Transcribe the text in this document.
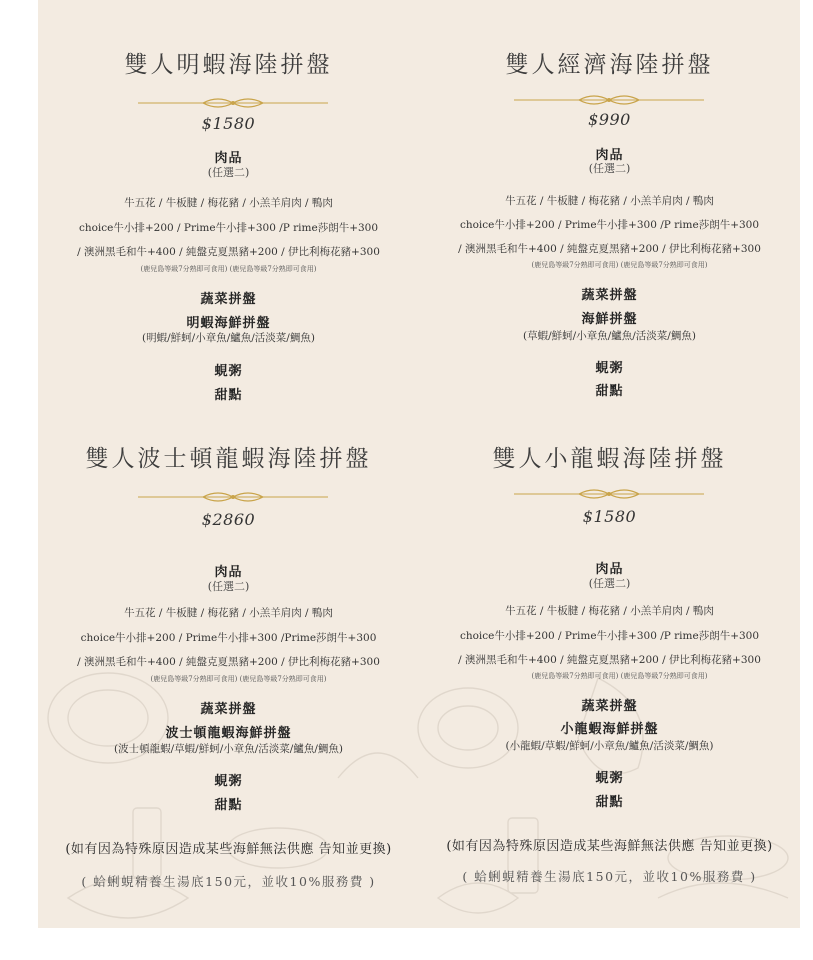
雙人明蝦海陸拼盤
$1580
肉品
(任選二)
牛五花 / 牛板腱 / 梅花豬 / 小羔羊肩肉 / 鴨肉
choice牛小排+200 / Prime牛小排+300 /P rime莎朗牛+300
/ 澳洲黑毛和牛+400 / 純盤克夏黑豬+200 / 伊比利梅花豬+300
(鹿兒島等級7分熟即可食用) (鹿兒島等級7分熟即可食用)
蔬菜拼盤
明蝦海鮮拼盤
(明蝦/鮮蚵/小章魚/鱸魚/活淡菜/鯛魚)
蜆粥
甜點
雙人經濟海陸拼盤
$990
肉品
(任選二)
牛五花 / 牛板腱 / 梅花豬 / 小羔羊肩肉 / 鴨肉
choice牛小排+200 / Prime牛小排+300 /P rime莎朗牛+300
/ 澳洲黑毛和牛+400 / 純盤克夏黑豬+200 / 伊比利梅花豬+300
(鹿兒島等級7分熟即可食用) (鹿兒島等級7分熟即可食用)
蔬菜拼盤
海鮮拼盤
(草蝦/鮮蚵/小章魚/鱸魚/活淡菜/鯛魚)
蜆粥
甜點
雙人波士頓龍蝦海陸拼盤
$2860
肉品
(任選二)
牛五花 / 牛板腱 / 梅花豬 / 小羔羊肩肉 / 鴨肉
choice牛小排+200 / Prime牛小排+300 /Prime莎朗牛+300
/ 澳洲黑毛和牛+400 / 純盤克夏黑豬+200 / 伊比利梅花豬+300
(鹿兒島等級7分熟即可食用) (鹿兒島等級7分熟即可食用)
蔬菜拼盤
波士頓龍蝦海鮮拼盤
(波士頓龍蝦/草蝦/鮮蚵/小章魚/活淡菜/鱸魚/鯛魚)
蜆粥
甜點
(如有因為特殊原因造成某些海鮮無法供應 告知並更換)
( 蛤蜊蜆精養生湯底150元，並收10%服務費 )
雙人小龍蝦海陸拼盤
$1580
肉品
(任選二)
牛五花 / 牛板腱 / 梅花豬 / 小羔羊肩肉 / 鴨肉
choice牛小排+200 / Prime牛小排+300 /P rime莎朗牛+300
/ 澳洲黑毛和牛+400 / 純盤克夏黑豬+200 / 伊比利梅花豬+300
(鹿兒島等級7分熟即可食用) (鹿兒島等級7分熟即可食用)
蔬菜拼盤
小龍蝦海鮮拼盤
(小龍蝦/草蝦/鮮蚵/小章魚/鱸魚/活淡菜/鯛魚)
蜆粥
甜點
(如有因為特殊原因造成某些海鮮無法供應 告知並更換)
( 蛤蜊蜆精養生湯底150元，並收10%服務費 )
